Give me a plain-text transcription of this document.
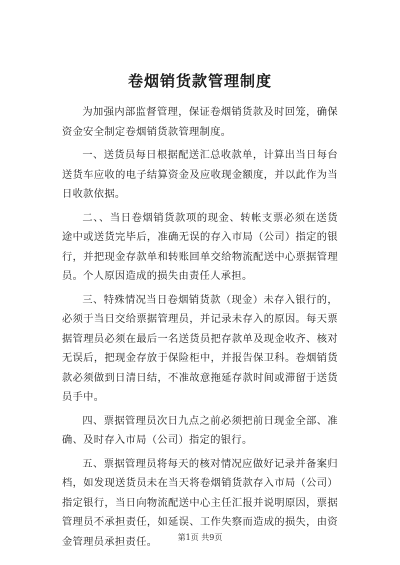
卷烟销货款管理制度

为加强内部监督管理，保证卷烟销货款及时回笼，确保资金安全制定卷烟销货款管理制度。

一、送货员每日根据配送汇总收款单，计算出当日每台送货车应收的电子结算资金及应收现金额度，并以此作为当日收款依据。

二、、当日卷烟销货款项的现金、转帐支票必须在送货途中或送货完毕后，准确无误的存入市局（公司）指定的银行，并把现金存款单和转账回单交给物流配送中心票据管理员。个人原因造成的损失由责任人承担。

三、特殊情况当日卷烟销货款（现金）未存入银行的，必须于当日交给票据管理员，并记录未存入的原因。每天票据管理员必须在最后一名送货员把存款单及现金收齐、核对无误后，把现金存放于保险柜中，并报告保卫科。卷烟销货款必须做到日清日结，不准故意拖延存款时间或滞留于送货员手中。

四、票据管理员次日九点之前必须把前日现金全部、准确、及时存入市局（公司）指定的银行。

五、票据管理员将每天的核对情况应做好记录并备案归档，如发现送货员未在当天将卷烟销货款存入市局（公司）指定银行，当日向物流配送中心主任汇报并说明原因，票据管理员不承担责任，如延误、工作失察而造成的损失，由资金管理员承担责任。	第1页 共9页
